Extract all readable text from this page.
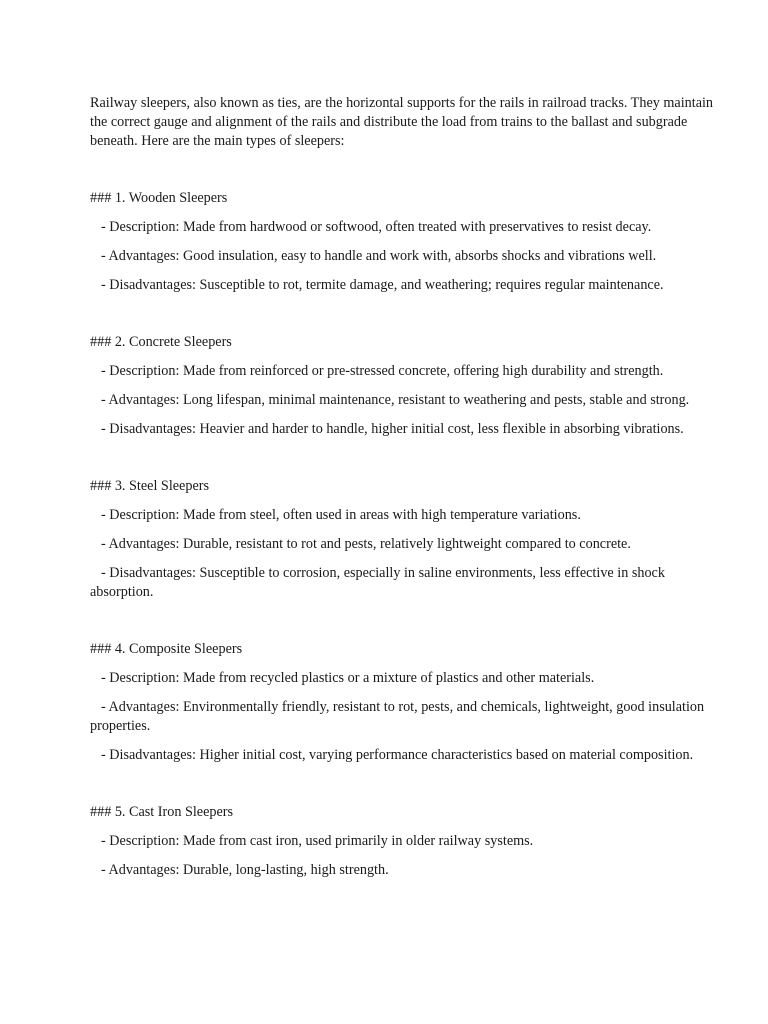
Railway sleepers, also known as ties, are the horizontal supports for the rails in railroad tracks. They maintain the correct gauge and alignment of the rails and distribute the load from trains to the ballast and subgrade beneath. Here are the main types of sleepers:

### 1. Wooden Sleepers

- Description: Made from hardwood or softwood, often treated with preservatives to resist decay.

- Advantages: Good insulation, easy to handle and work with, absorbs shocks and vibrations well.

- Disadvantages: Susceptible to rot, termite damage, and weathering; requires regular maintenance.

### 2. Concrete Sleepers

- Description: Made from reinforced or pre-stressed concrete, offering high durability and strength.

- Advantages: Long lifespan, minimal maintenance, resistant to weathering and pests, stable and strong.

- Disadvantages: Heavier and harder to handle, higher initial cost, less flexible in absorbing vibrations.

### 3. Steel Sleepers

- Description: Made from steel, often used in areas with high temperature variations.

- Advantages: Durable, resistant to rot and pests, relatively lightweight compared to concrete.

- Disadvantages: Susceptible to corrosion, especially in saline environments, less effective in shock absorption.

### 4. Composite Sleepers

- Description: Made from recycled plastics or a mixture of plastics and other materials.

- Advantages: Environmentally friendly, resistant to rot, pests, and chemicals, lightweight, good insulation properties.

- Disadvantages: Higher initial cost, varying performance characteristics based on material composition.

### 5. Cast Iron Sleepers

- Description: Made from cast iron, used primarily in older railway systems.

- Advantages: Durable, long-lasting, high strength.
